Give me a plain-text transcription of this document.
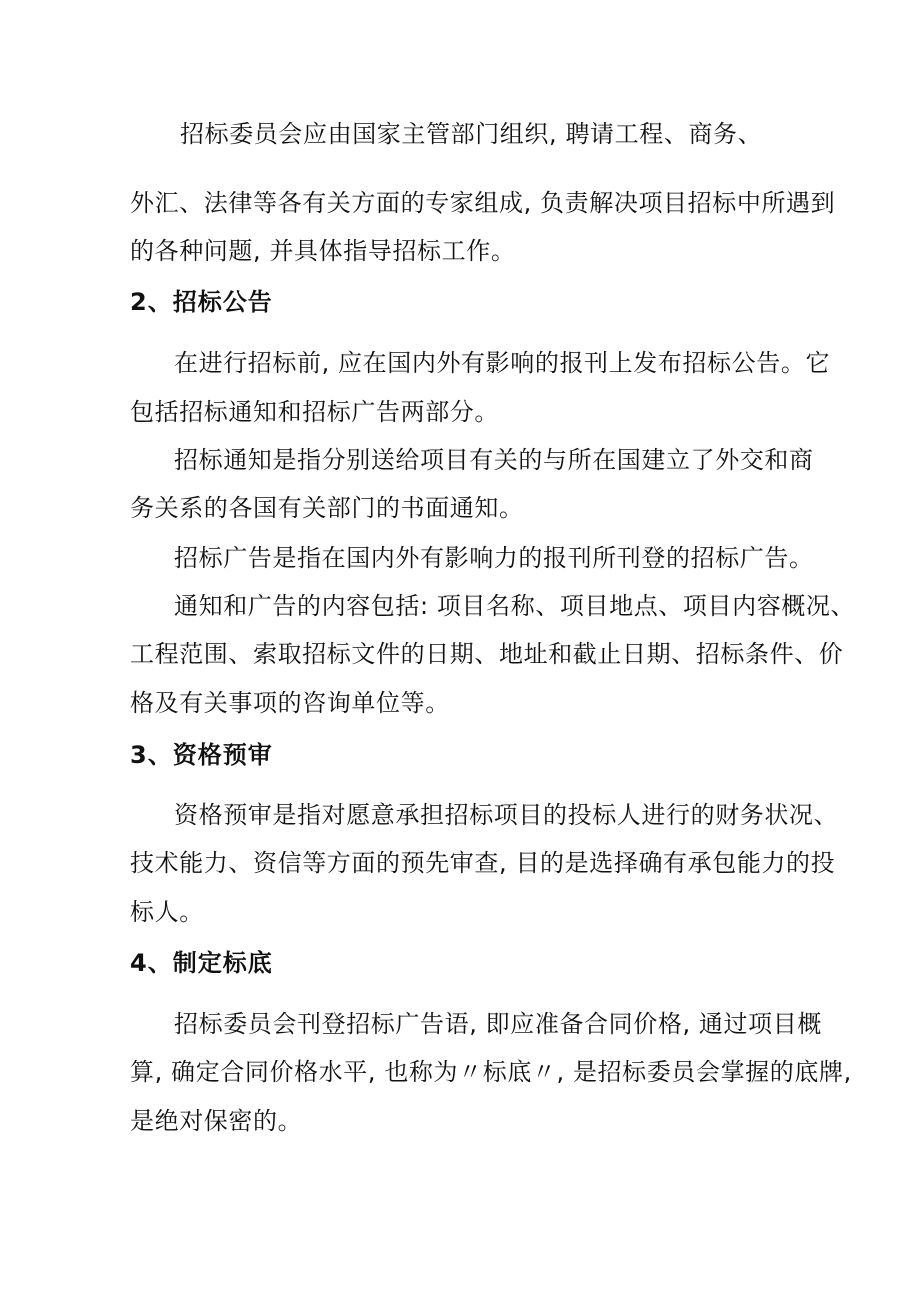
招标委员会应由国家主管部门组织, 聘请工程、商务、
外汇、法律等各有关方面的专家组成, 负责解决项目招标中所遇到
的各种问题, 并具体指导招标工作。
2、招标公告
在进行招标前, 应在国内外有影响的报刊上发布招标公告。它
包括招标通知和招标广告两部分。
招标通知是指分别送给项目有关的与所在国建立了外交和商
务关系的各国有关部门的书面通知。
招标广告是指在国内外有影响力的报刊所刊登的招标广告。
通知和广告的内容包括: 项目名称、项目地点、项目内容概况、
工程范围、索取招标文件的日期、地址和截止日期、招标条件、价
格及有关事项的咨询单位等。
3、资格预审
资格预审是指对愿意承担招标项目的投标人进行的财务状况、
技术能力、资信等方面的预先审查, 目的是选择确有承包能力的投
标人。
4、制定标底
招标委员会刊登招标广告语, 即应准备合同价格, 通过项目概
算, 确定合同价格水平, 也称为〃标底〃, 是招标委员会掌握的底牌,
是绝对保密的。
